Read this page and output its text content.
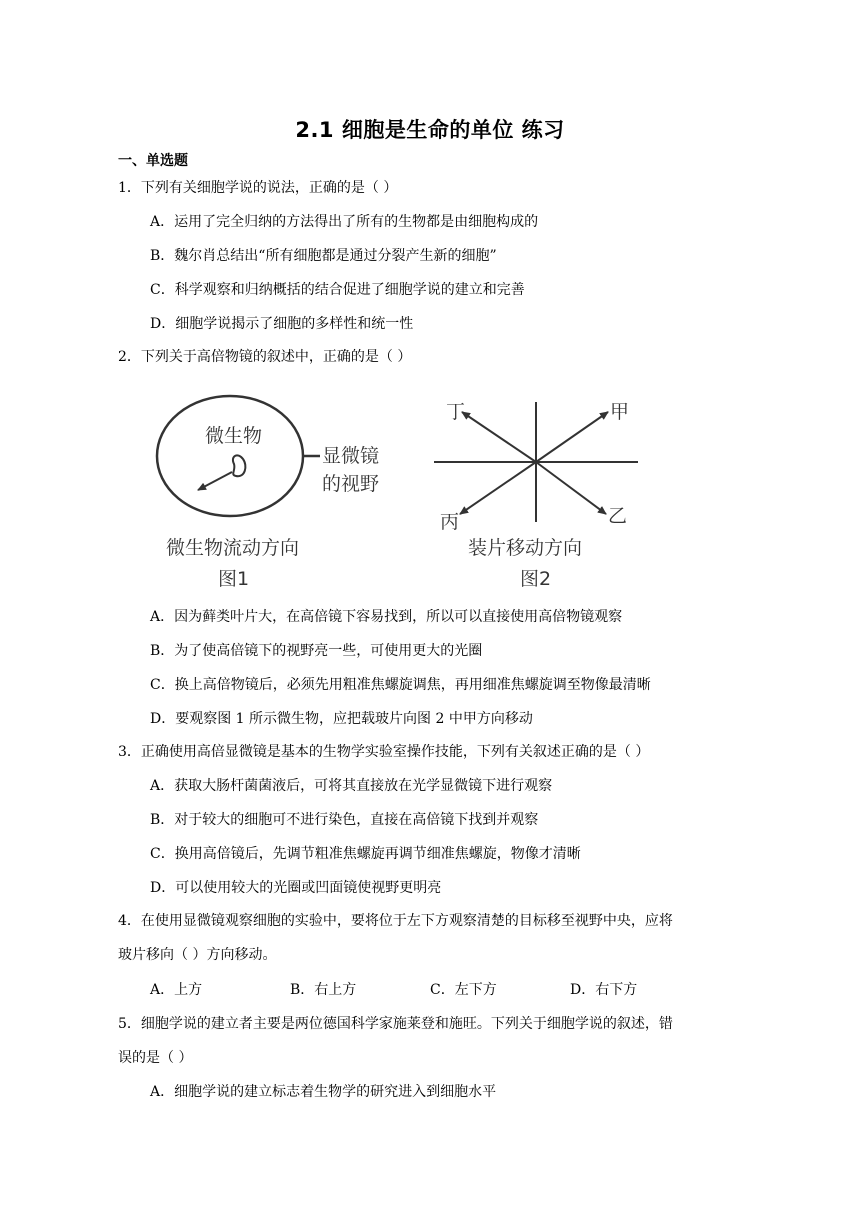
2.1 细胞是生命的单位 练习
一、单选题
1．下列有关细胞学说的说法，正确的是（ ）
A．运用了完全归纳的方法得出了所有的生物都是由细胞构成的
B．魏尔肖总结出“所有细胞都是通过分裂产生新的细胞”
C．科学观察和归纳概括的结合促进了细胞学说的建立和完善
D．细胞学说揭示了细胞的多样性和统一性
2．下列关于高倍物镜的叙述中，正确的是（ ）
微生物
显微镜
的视野
微生物流动方向
图1
丁	甲
丙	乙
装片移动方向
图2
A．因为藓类叶片大，在高倍镜下容易找到，所以可以直接使用高倍物镜观察
B．为了使高倍镜下的视野亮一些，可使用更大的光圈
C．换上高倍物镜后，必须先用粗准焦螺旋调焦，再用细准焦螺旋调至物像最清晰
D．要观察图 1 所示微生物，应把载玻片向图 2 中甲方向移动
3．正确使用高倍显微镜是基本的生物学实验室操作技能，下列有关叙述正确的是（ ）
A．获取大肠杆菌菌液后，可将其直接放在光学显微镜下进行观察
B．对于较大的细胞可不进行染色，直接在高倍镜下找到并观察
C．换用高倍镜后，先调节粗准焦螺旋再调节细准焦螺旋，物像才清晰
D．可以使用较大的光圈或凹面镜使视野更明亮
4．在使用显微镜观察细胞的实验中，要将位于左下方观察清楚的目标移至视野中央，应将
玻片移向（ ）方向移动。
A．上方	B．右上方	C．左下方	D．右下方
5．细胞学说的建立者主要是两位德国科学家施莱登和施旺。下列关于细胞学说的叙述，错
误的是（ ）
A．细胞学说的建立标志着生物学的研究进入到细胞水平
